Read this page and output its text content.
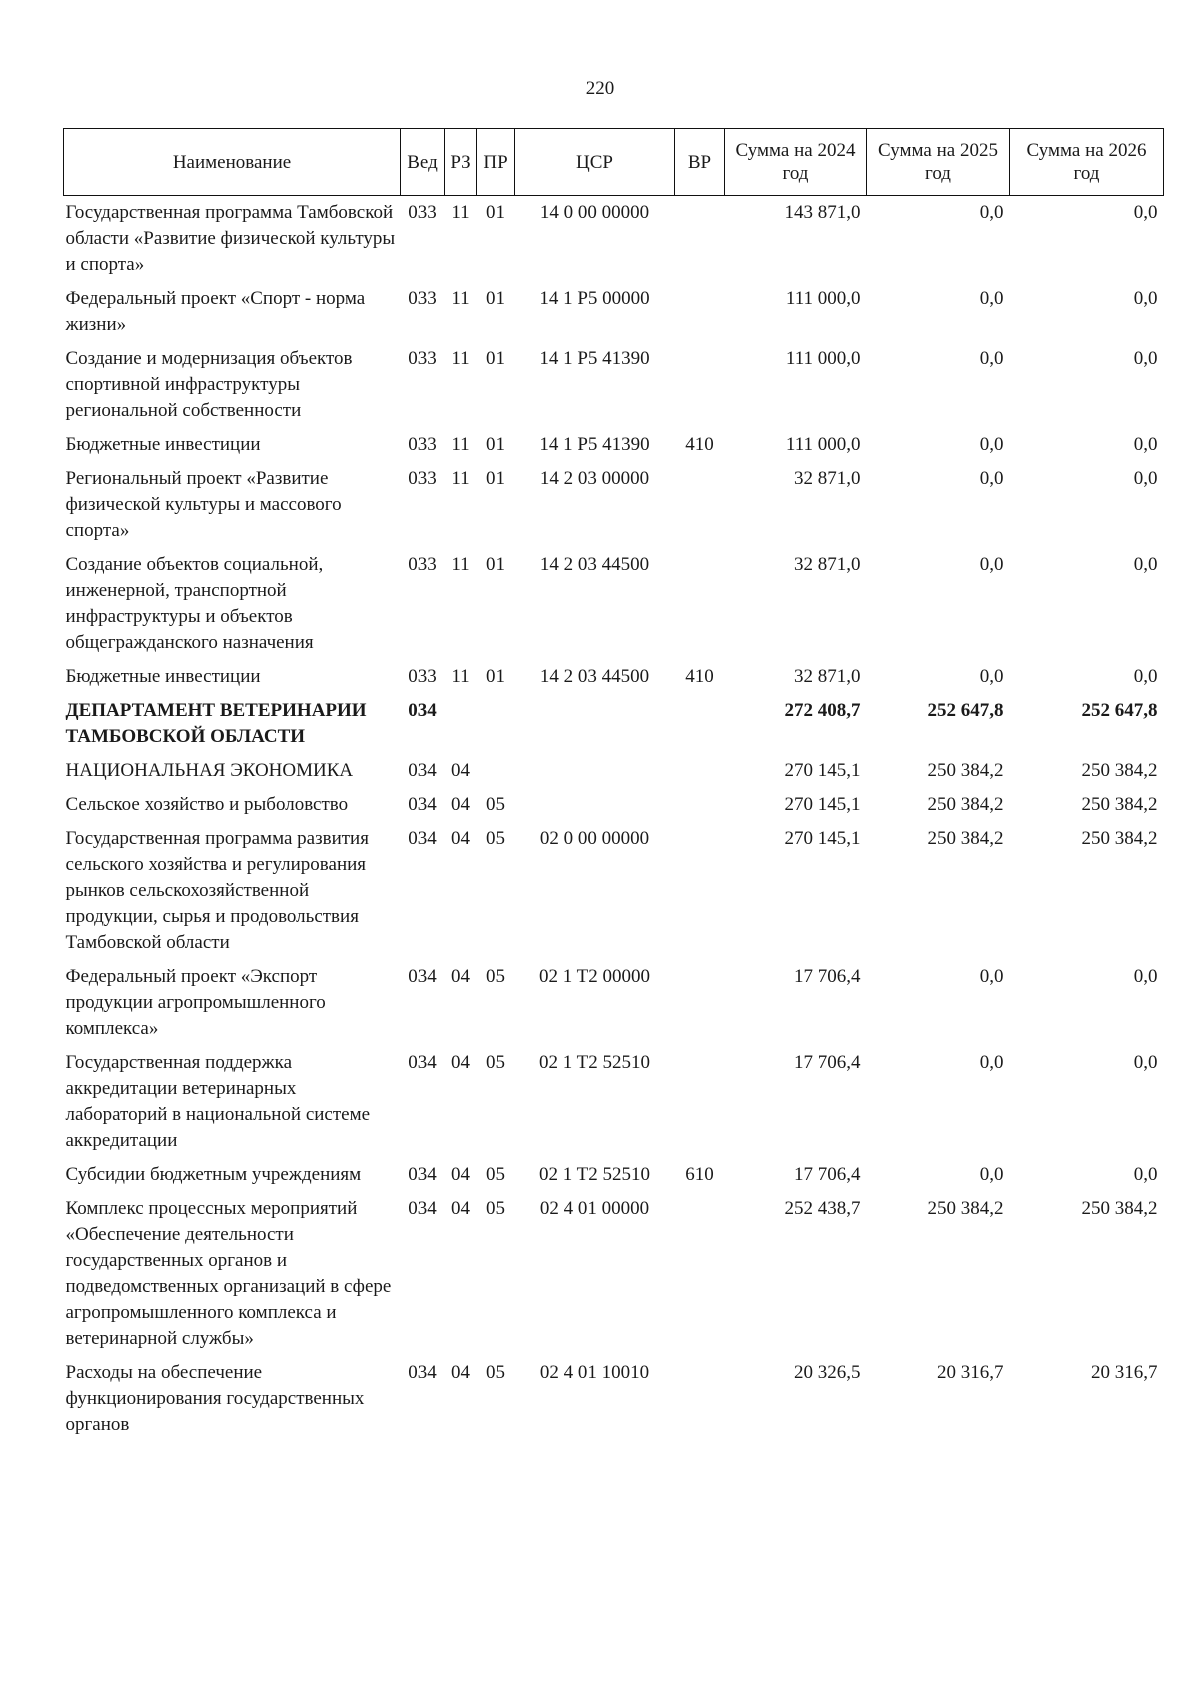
220
Наименование	Вед	РЗ	ПР	ЦСР	ВР	Сумма на 2024 год	Сумма на 2025 год	Сумма на 2026 год
Государственная программа Тамбовской области «Развитие физической культуры и спорта»	033	11	01	14 0 00 00000		143 871,0	0,0	0,0
Федеральный проект «Спорт - норма жизни»	033	11	01	14 1 P5 00000		111 000,0	0,0	0,0
Создание и модернизация объектов спортивной инфраструктуры региональной собственности	033	11	01	14 1 P5 41390		111 000,0	0,0	0,0
Бюджетные инвестиции	033	11	01	14 1 P5 41390	410	111 000,0	0,0	0,0
Региональный проект «Развитие физической культуры и массового спорта»	033	11	01	14 2 03 00000		32 871,0	0,0	0,0
Создание объектов социальной, инженерной, транспортной инфраструктуры и объектов общегражданского назначения	033	11	01	14 2 03 44500		32 871,0	0,0	0,0
Бюджетные инвестиции	033	11	01	14 2 03 44500	410	32 871,0	0,0	0,0
ДЕПАРТАМЕНТ ВЕТЕРИНАРИИ ТАМБОВСКОЙ ОБЛАСТИ	034					272 408,7	252 647,8	252 647,8
НАЦИОНАЛЬНАЯ ЭКОНОМИКА	034	04				270 145,1	250 384,2	250 384,2
Сельское хозяйство и рыболовство	034	04	05			270 145,1	250 384,2	250 384,2
Государственная программа развития сельского хозяйства и регулирования рынков сельскохозяйственной продукции, сырья и продовольствия Тамбовской области	034	04	05	02 0 00 00000		270 145,1	250 384,2	250 384,2
Федеральный проект «Экспорт продукции агропромышленного комплекса»	034	04	05	02 1 T2 00000		17 706,4	0,0	0,0
Государственная поддержка аккредитации ветеринарных лабораторий в национальной системе аккредитации	034	04	05	02 1 T2 52510		17 706,4	0,0	0,0
Субсидии бюджетным учреждениям	034	04	05	02 1 T2 52510	610	17 706,4	0,0	0,0
Комплекс процессных мероприятий «Обеспечение деятельности государственных органов и подведомственных организаций в сфере агропромышленного комплекса и ветеринарной службы»	034	04	05	02 4 01 00000		252 438,7	250 384,2	250 384,2
Расходы на обеспечение функционирования государственных органов	034	04	05	02 4 01 10010		20 326,5	20 316,7	20 316,7
